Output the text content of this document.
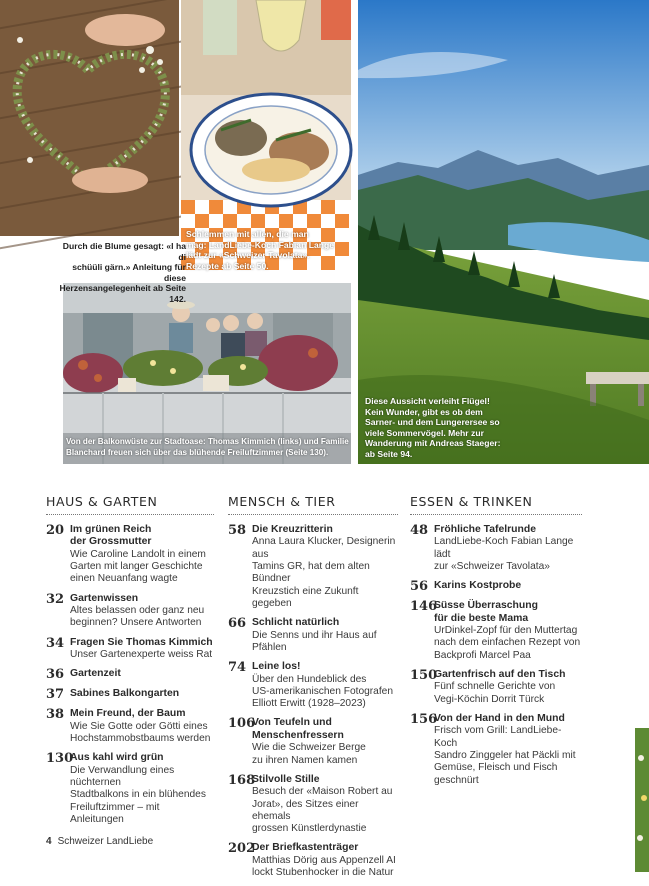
Durch die Blume gesagt: «I ha di
schüüli gärn.» Anleitung für diese
Herzensangelegenheit ab Seite 142.
Schlemmen mit allen, die man
mag: LandLiebe-Koch Fabian Lange
lädt zur «Schweizer Tavolata».
Rezepte ab Seite 50.
Von der Balkonwüste zur Stadtoase: Thomas Kimmich (links) und Familie
Blanchard freuen sich über das blühende Freiluftzimmer (Seite 130).
Diese Aussicht verleiht Flügel!
Kein Wunder, gibt es ob dem
Sarner- und dem Lungerersee so
viele Sommervögel. Mehr zur
Wanderung mit Andreas Staeger:
ab Seite 94.
HAUS & GARTEN
20 Im grünen Reich
der Grossmutter
Wie Caroline Landolt in einem
Garten mit langer Geschichte
einen Neuanfang wagte
32 Gartenwissen
Altes belassen oder ganz neu
beginnen? Unsere Antworten
34 Fragen Sie Thomas Kimmich
Unser Gartenexperte weiss Rat
36 Gartenzeit
37 Sabines Balkongarten
38 Mein Freund, der Baum
Wie Sie Gotte oder Götti eines
Hochstammobstbaums werden
130
Aus kahl wird grün
Die Verwandlung eines nüchternen
Stadtbalkons in ein blühendes
Freiluftzimmer – mit Anleitungen
MENSCH & TIER
58 Die Kreuzritterin
Anna Laura Klucker, Designerin aus
Tamins GR, hat dem alten Bündner
Kreuzstich eine Zukunft gegeben
66 Schlicht natürlich
Die Senns und ihr Haus auf Pfählen
74 Leine los!
Über den Hundeblick des
US-amerikanischen Fotografen
Elliott Erwitt (1928–2023)
106
Von Teufeln und
Menschenfressern
Wie die Schweizer Berge
zu ihren Namen kamen
168
Stilvolle Stille
Besuch der «Maison Robert au
Jorat», des Sitzes einer ehemals
grossen Künstlerdynastie
202
Der Briefkastenträger
Matthias Dörig aus Appenzell AI
lockt Stubenhocker in die Natur
ESSEN & TRINKEN
48 Fröhliche Tafelrunde
LandLiebe-Koch Fabian Lange lädt
zur «Schweizer Tavolata»
56 Karins Kostprobe
146
Süsse Überraschung
für die beste Mama
UrDinkel-Zopf für den Muttertag
nach dem einfachen Rezept von
Backprofi Marcel Paa
150
Gartenfrisch auf den Tisch
Fünf schnelle Gerichte von
Vegi-Köchin Dorrit Türck
156
Von der Hand in den Mund
Frisch vom Grill: LandLiebe-Koch
Sandro Zinggeler hat Päckli mit
Gemüse, Fleisch und Fisch geschnürt
4 Schweizer LandLiebe
